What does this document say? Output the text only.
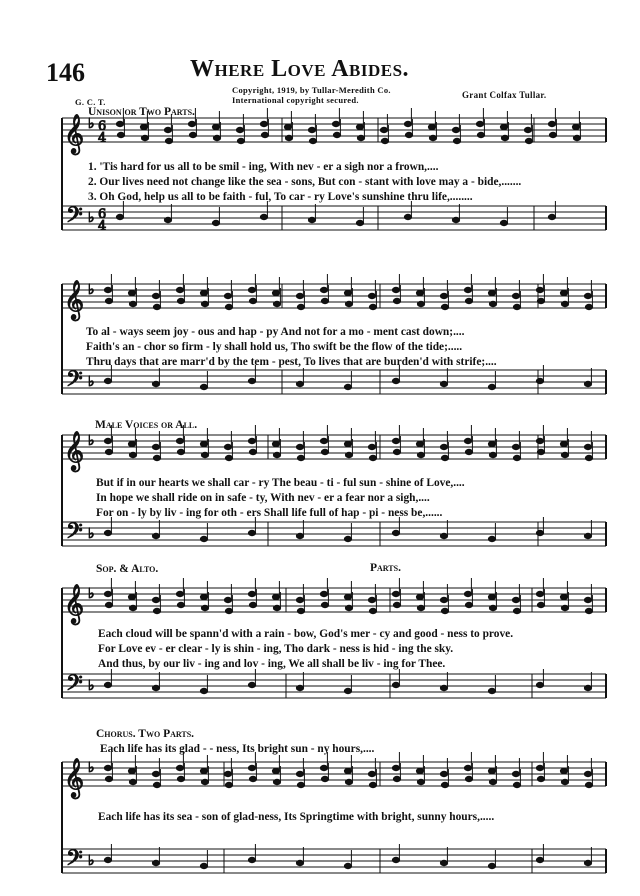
146	Where Love Abides.
Copyright, 1919, by Tullar-Meredith Co.
International copyright secured.	Grant Colfax Tullar.
G. C. T.
Unison or Two Parts.
𝄞
𝄢
♭
♭
6
4
6
4
𝄞
𝄢
♭
♭
𝄞
𝄢
♭
♭
𝄞
𝄢
♭
♭
𝄞
𝄢
♭
♭
1. 'Tis hard for us all to be smil - ing, With nev - er a sigh nor a frown,....
2. Our lives need not change like the sea - sons, But con - stant with love may a - bide,.......
3. Oh God, help us all to be faith - ful, To car - ry Love's sunshine thru life,........
To al - ways seem joy - ous and hap - py And not for a mo - ment cast down;....
Faith's an - chor so firm - ly shall hold us, Tho swift be the flow of the tide;.....
Thru days that are marr'd by the tem - pest, To lives that are burden'd with strife;....
Male Voices or All.
But if in our hearts we shall car - ry The beau - ti - ful sun - shine of Love,....
In hope we shall ride on in safe - ty, With nev - er a fear nor a sigh,....
For on - ly by liv - ing for oth - ers Shall life full of hap - pi - ness be,......
Sop. & Alto.	Parts.
Each cloud will be spann'd with a rain - bow, God's mer - cy and good - ness to prove.
For Love ev - er clear - ly is shin - ing, Tho dark - ness is hid - ing the sky.
And thus, by our liv - ing and lov - ing, We all shall be liv - ing for Thee.
Chorus. Two Parts.
Each life has its glad - - ness, Its bright sun - ny hours,....
Each life has its sea - son of glad-ness, Its Springtime with bright, sunny hours,.....
